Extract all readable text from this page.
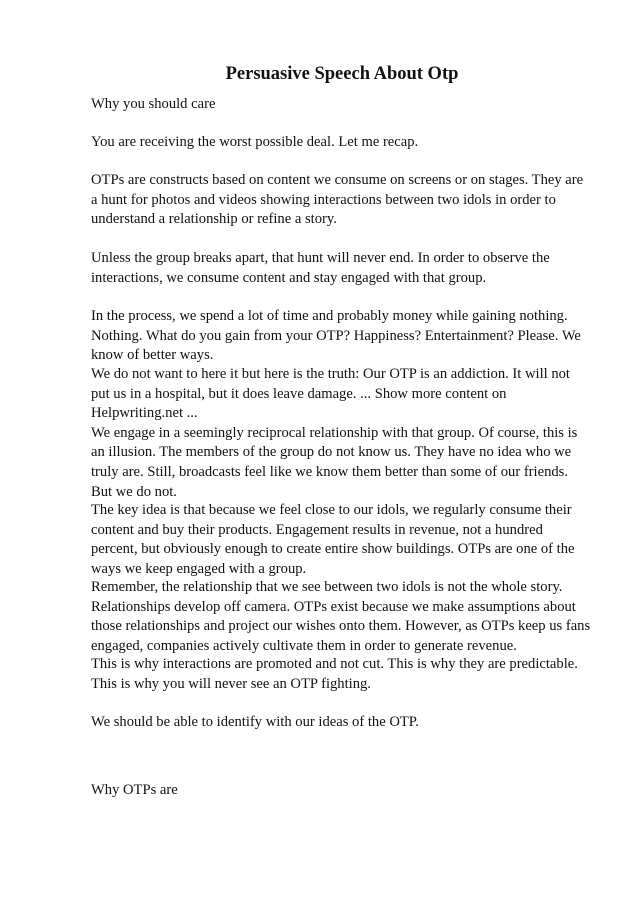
Persuasive Speech About Otp

Why you should care

You are receiving the worst possible deal. Let me recap.

OTPs are constructs based on content we consume on screens or on stages. They are
a hunt for photos and videos showing interactions between two idols in order to
understand a relationship or refine a story.

Unless the group breaks apart, that hunt will never end. In order to observe the
interactions, we consume content and stay engaged with that group.

In the process, we spend a lot of time and probably money while gaining nothing.
Nothing. What do you gain from your OTP? Happiness? Entertainment? Please. We
know of better ways.

We do not want to here it but here is the truth: Our OTP is an addiction. It will not
put us in a hospital, but it does leave damage. ... Show more content on
Helpwriting.net ...
We engage in a seemingly reciprocal relationship with that group. Of course, this is
an illusion. The members of the group do not know us. They have no idea who we
truly are. Still, broadcasts feel like we know them better than some of our friends.
But we do not.

The key idea is that because we feel close to our idols, we regularly consume their
content and buy their products. Engagement results in revenue, not a hundred
percent, but obviously enough to create entire show buildings. OTPs are one of the
ways we keep engaged with a group.

Remember, the relationship that we see between two idols is not the whole story.
Relationships develop off camera. OTPs exist because we make assumptions about
those relationships and project our wishes onto them. However, as OTPs keep us fans
engaged, companies actively cultivate them in order to generate revenue.

This is why interactions are promoted and not cut. This is why they are predictable.
This is why you will never see an OTP fighting.

We should be able to identify with our ideas of the OTP.

Why OTPs are
